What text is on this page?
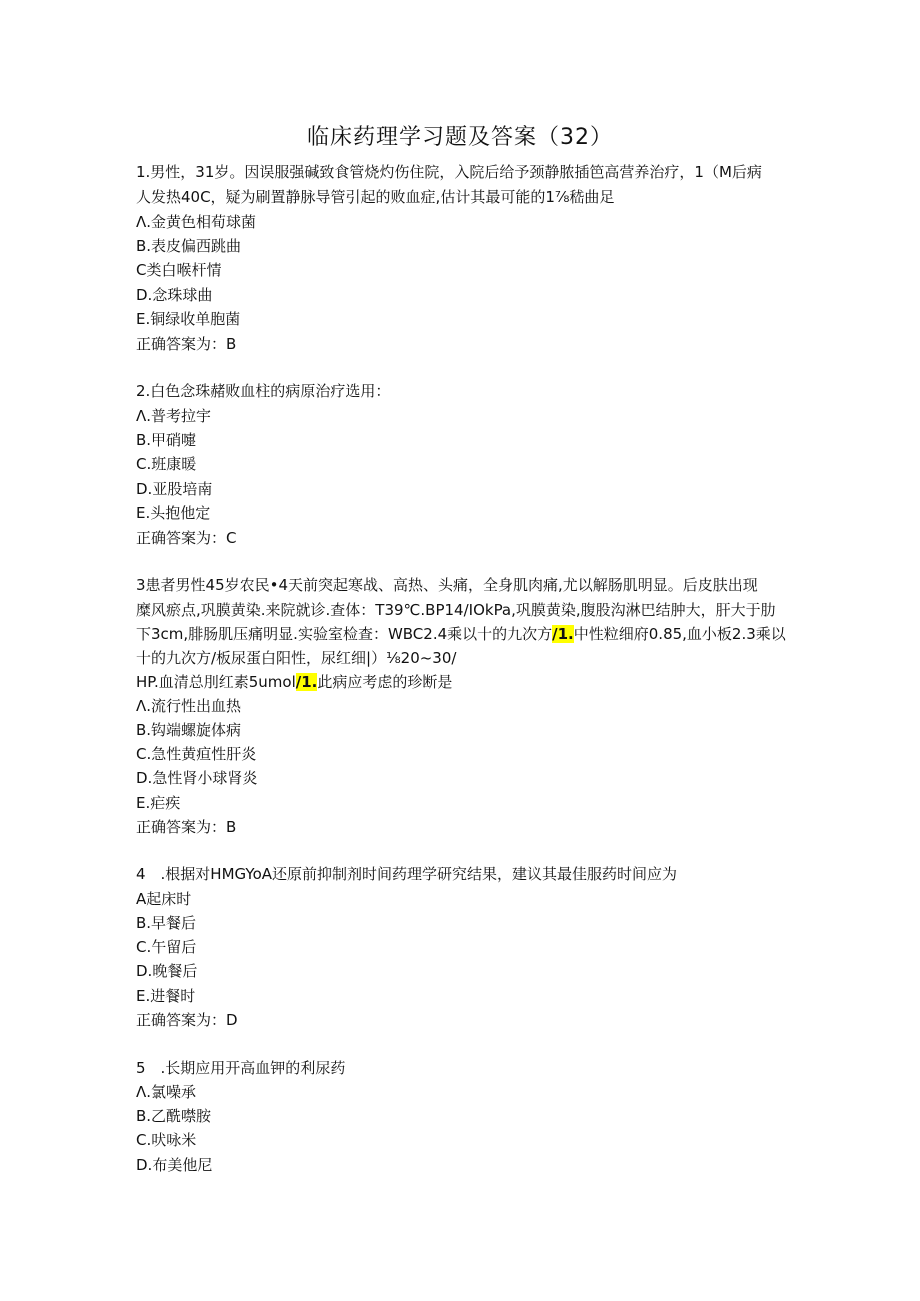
临床药理学习题及答案（32）
1.男性，31岁。因误服强碱致食管烧灼伤住院，入院后给予颈静脓插笆高营养治疗，1（M后病
人发热40C，疑为刷置静脉导管引起的败血症,估计其最可能的1⅞嵇曲足
Λ.金黄色相荀球菌
B.表皮偏西跳曲
C类白喉杆情
D.念珠球曲
E.铜绿收单胞菌
正确答案为：B
2.白色念珠赭败血柱的病原治疗选用：
Λ.普考拉宇
B.甲硝嚏
C.班康暖
D.亚股培南
E.头抱他定
正确答案为：C
3患者男性45岁农民•4天前突起寒战、高热、头痛，全身肌肉痛,尤以解肠肌明显。后皮肤出现
糜风瘀点,巩膜黄染.来院就诊.查体：T39℃.BP14/IOkPa,巩膜黄染,腹股沟淋巴结肿大，肝大于肋
下3cm,腓肠肌压痛明显.实验室检查：WBC2.4乘以十的九次方/1.中性粒细府0.85,血小板2.3乘以
十的九次方/板尿蛋白阳性，尿红细|）⅛20~30/
HP.血清总刖红素5umol/1.此病应考虑的珍断是
Λ.流行性出血热
B.钩端螺旋体病
C.急性黄疸性肝炎
D.急性肾小球肾炎
E.疟疾
正确答案为：B
4　.根据对HMGYoA还原前抑制剂时间药理学研究结果，建议其最佳服药时间应为
A起床时
B.早餐后
C.午留后
D.晚餐后
E.进餐时
正确答案为：D
5　.长期应用开高血钾的利尿药
Λ.氯噪承
B.乙酰噤胺
C.吠咏米
D.布美他尼
